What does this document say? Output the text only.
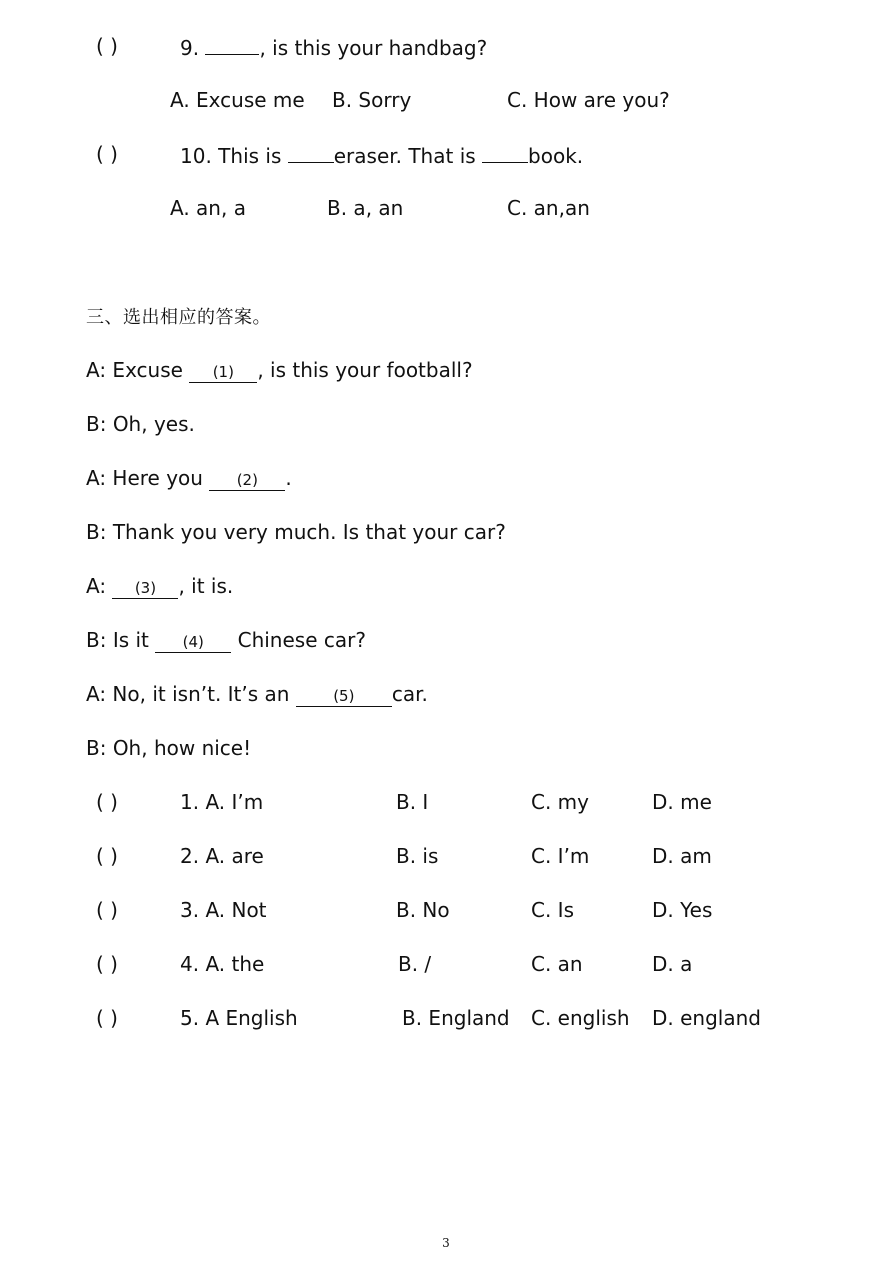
( )	9.	, is this your handbag?
A. Excuse me B. Sorry	C. How are you?
( )	10. This is	eraser. That is	book.
A. an, a	B. a, an	C. an,an
三、选出相应的答案。
A: Excuse (1) , is this your football?
B: Oh, yes.
A: Here you (2) .
B: Thank you very much. Is that your car?
A: (3) , it is.
B: Is it (4) Chinese car?
A: No, it isn’t. It’s an (5) car.
B: Oh, how nice!
( )	1. A. I’m	B. I	C. my	D. me
( )	2. A. are	B. is	C. I’m	D. am
( )	3. A. Not	B. No	C. Is	D. Yes
( )	4. A. the	B. /	C. an	D. a
( )	5. A English	B. England C. english D. england
3
